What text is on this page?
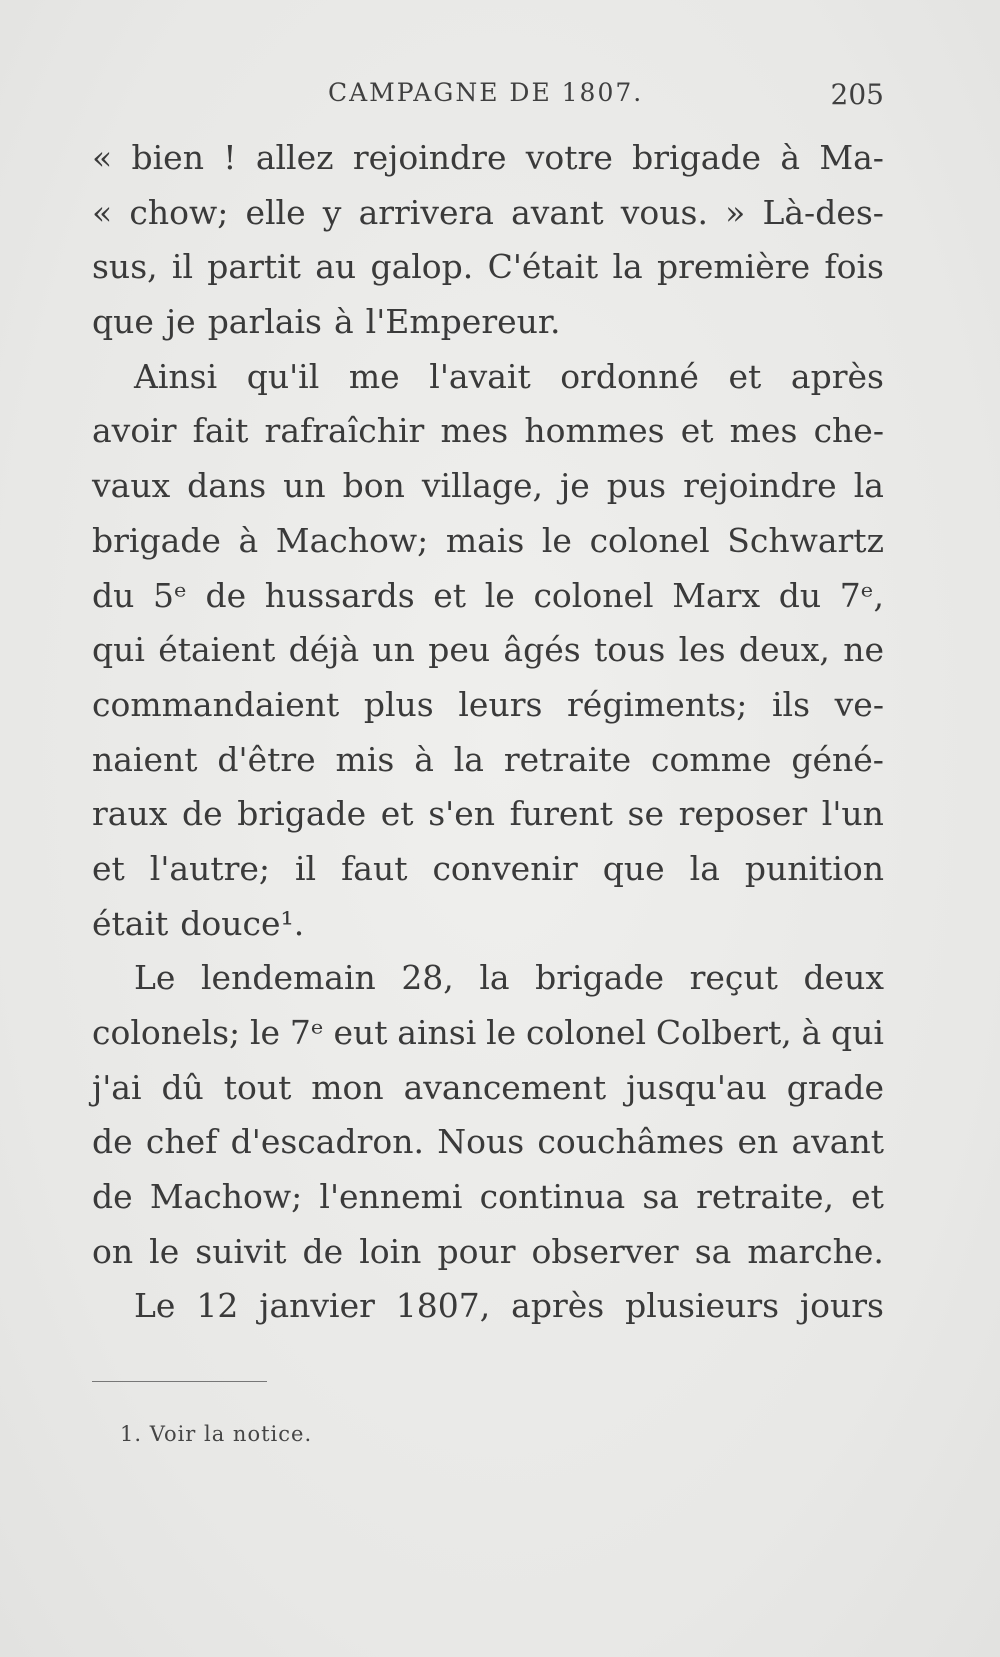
CAMPAGNE DE 1807.	205
« bien ! allez rejoindre votre brigade à Ma-
« chow; elle y arrivera avant vous. » Là-des-
sus, il partit au galop. C'était la première fois
que je parlais à l'Empereur.
Ainsi qu'il me l'avait ordonné et après
avoir fait rafraîchir mes hommes et mes che-
vaux dans un bon village, je pus rejoindre la
brigade à Machow; mais le colonel Schwartz
du 5ᵉ de hussards et le colonel Marx du 7ᵉ,
qui étaient déjà un peu âgés tous les deux, ne
commandaient plus leurs régiments; ils ve-
naient d'être mis à la retraite comme géné-
raux de brigade et s'en furent se reposer l'un
et l'autre; il faut convenir que la punition
était douce¹.
Le lendemain 28, la brigade reçut deux
colonels; le 7ᵉ eut ainsi le colonel Colbert, à qui
j'ai dû tout mon avancement jusqu'au grade
de chef d'escadron. Nous couchâmes en avant
de Machow; l'ennemi continua sa retraite, et
on le suivit de loin pour observer sa marche.
Le 12 janvier 1807, après plusieurs jours
1. Voir la notice.
